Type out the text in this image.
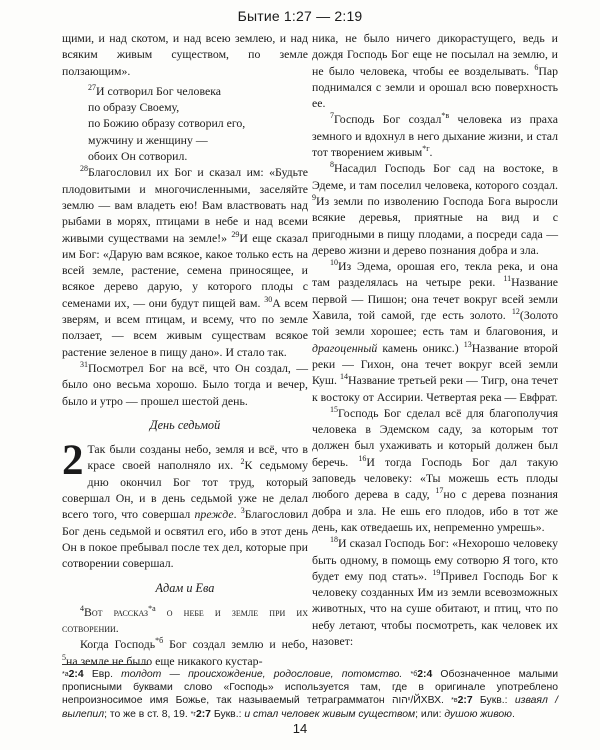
Бытие 1:27 — 2:19

щими, и над скотом, и над всею землею, и над всяким живым существом, по земле ползающим».

$^{27}$И сотворил Бог человека

по образу Своему,

по Божию образу сотворил его,

мужчину и женщину —

обоих Он сотворил.

$^{28}$Благословил их Бог и сказал им: «Будьте плодовитыми и многочисленными, заселяйте землю — вам владеть ею! Вам властвовать над рыбами в морях, птицами в небе и над всеми живыми существами на земле!» $^{29}$И еще сказал им Бог: «Дарую вам всякое, какое только есть на всей земле, растение, семена приносящее, и всякое дерево дарую, у которого плоды с семенами их, — они будут пищей вам. $^{30}$А всем зверям, и всем птицам, и всему, что по земле ползает, — всем живым существам всякое растение зеленое в пищу дано». И стало так.

$^{31}$Посмотрел Бог на всё, что Он создал, — было оно весьма хорошо. Было тогда и вечер, было и утро — прошел шестой день.

День седьмой

2 Так были созданы небо, земля и всё, что в красе своей наполняло их. $^2$К седьмому дню окончил Бог тот труд, который совершал Он, и в день седьмой уже не делал всего того, что совершал прежде. $^3$Благословил Бог день седьмой и освятил его, ибо в этот день Он в покое пребывал после тех дел, которые при сотворении совершал.

Адам и Ева

$^4$Вот рассказ$^{*а}$ о небе и земле при их сотворении.

Когда Господь$^{*б}$ Бог создал землю и небо, $^5$на земле не было еще никакого кустар-

ника, не было ничего дикорастущего, ведь и дождя Господь Бог еще не посылал на землю, и не было человека, чтобы ее возделывать. $^6$Пар поднимался с земли и орошал всю поверхность ее.

$^7$Господь Бог создал$^{*в}$ человека из праха земного и вдохнул в него дыхание жизни, и стал тот творением живым$^{*г}$.

$^8$Насадил Господь Бог сад на востоке, в Эдеме, и там поселил человека, которого создал. $^9$Из земли по изволению Господа Бога выросли всякие деревья, приятные на вид и с пригодными в пищу плодами, а посреди сада — дерево жизни и дерево познания добра и зла.

$^{10}$Из Эдема, орошая его, текла река, и она там разделялась на четыре реки. $^{11}$Название первой — Пишон; она течет вокруг всей земли Хавила, той самой, где есть золото. $^{12}$(Золото той земли хорошее; есть там и благовония, и драгоценный камень оникс.) $^{13}$Название второй реки — Гихон, она течет вокруг всей земли Куш. $^{14}$Название третьей реки — Тигр, она течет к востоку от Ассирии. Четвертая река — Евфрат.

$^{15}$Господь Бог сделал всё для благополучия человека в Эдемском саду, за которым тот должен был ухаживать и который должен был беречь. $^{16}$И тогда Господь Бог дал такую заповедь человеку: «Ты можешь есть плоды любого дерева в саду, $^{17}$но с дерева познания добра и зла. Не ешь его плодов, ибо в тот же день, как отведаешь их, непременно умрешь».

$^{18}$И сказал Господь Бог: «Нехорошо человеку быть одному, в помощь ему сотворю Я того, кто будет ему под стать». $^{19}$Привел Господь Бог к человеку созданных Им из земли всевозможных животных, что на суше обитают, и птиц, что по небу летают, чтобы посмотреть, как человек их назовет:

$^{*а}$2:4 Евр. толдот — происхождение, родословие, потомство. $^{*б}$2:4 Обозначенное малыми прописными буквами слово «Господь» используется там, где в оригинале употреблено непроизносимое имя Божье, так называемый тетраграмматон יהוה/ЙХВХ. $^{*в}$2:7 Букв.: изваял / вылепил; то же в ст. 8, 19. $^{*г}$2:7 Букв.: и стал человек живым существом; или: душою живою.

14
